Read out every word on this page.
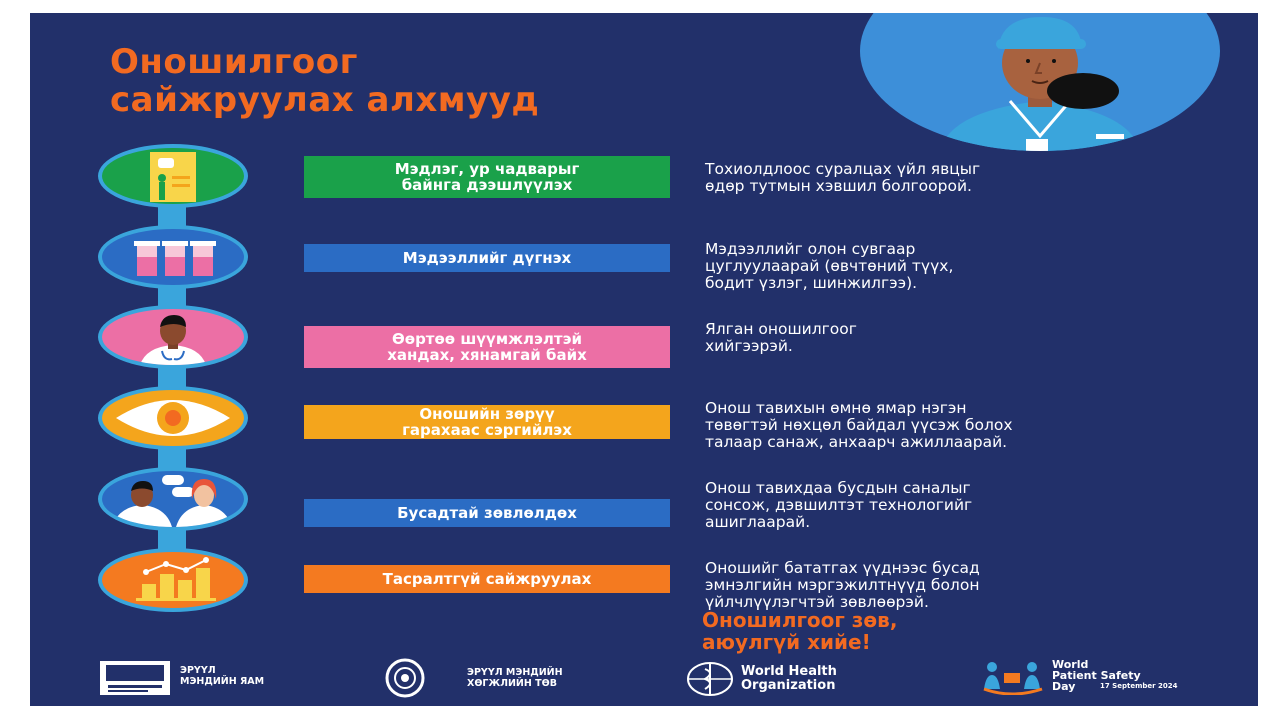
Оношилгоог
сайжруулах алхмууд
Мэдлэг, ур чадварыг
байнга дээшлүүлэх

Тохиолдлоос суралцах үйл явцыг
өдөр тутмын хэвшил болгоорой.

Мэдээллийг дүгнэх	Мэдээллийг олон сувгаар
цуглуулаарай (өвчтөний түүх,
бодит үзлэг, шинжилгээ).

Өөртөө шүүмжлэлтэй
хандах, хянамгай байх

Ялган оношилгоог
хийгээрэй.

Оношийн зөрүү
гарахаас сэргийлэх

Онош тавихын өмнө ямар нэгэн
төвөгтэй нөхцөл байдал үүсэж болох
талаар санаж, анхаарч ажиллаарай.

Бусадтай зөвлөлдөх

Онош тавихдаа бусдын саналыг
сонсож, дэвшилтэт технологийг
ашиглаарай.

Тасралтгүй сайжруулах

Оношийг бататгах үүднээс бусад
эмнэлгийн мэргэжилтнүүд болон
үйлчлүүлэгчтэй зөвлөөрэй.

Оношилгоог зөв,
аюулгүй хийе!

ЭРҮҮЛ
МЭНДИЙН ЯАМ
ЭРҮҮЛ МЭНДИЙН
ХӨГЖЛИЙН ТӨВ
World Health
Organization
World
Patient Safety
Day	17 September 2024
